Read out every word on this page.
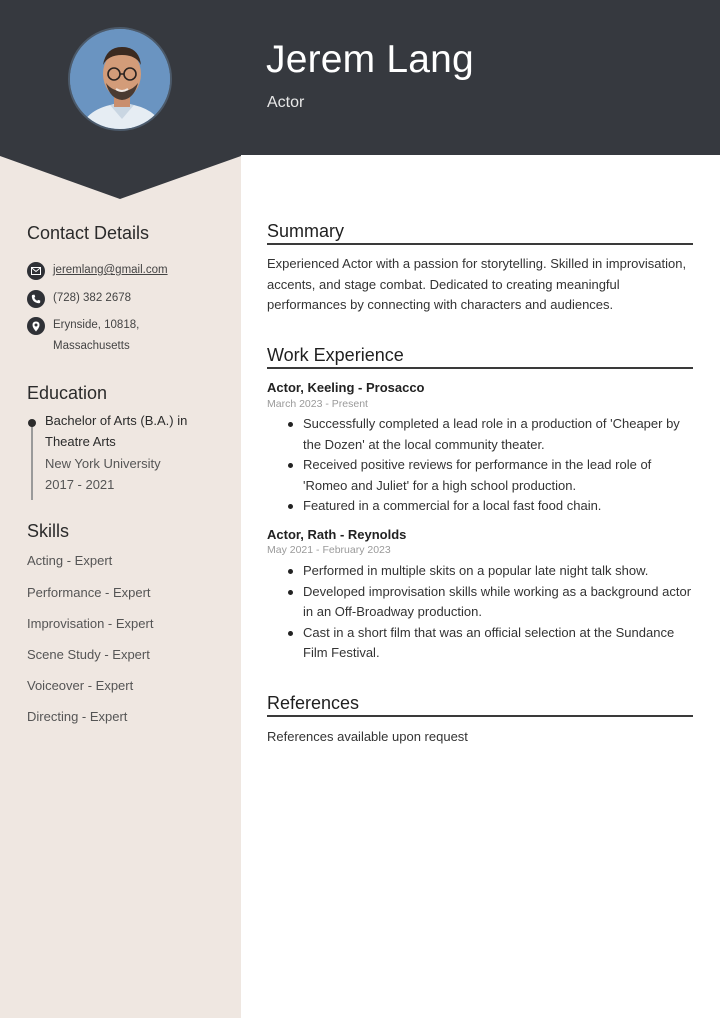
Jerem Lang
Actor
Contact Details
jeremlang@gmail.com
(728) 382 2678
Erynside, 10818,
Massachusetts
Education
Bachelor of Arts (B.A.) in Theatre Arts
New York University
2017 - 2021
Skills
Acting - Expert
Performance - Expert
Improvisation - Expert
Scene Study - Expert
Voiceover - Expert
Directing - Expert
Summary
Experienced Actor with a passion for storytelling. Skilled in improvisation, accents, and stage combat. Dedicated to creating meaningful performances by connecting with characters and audiences.
Work Experience
Actor, Keeling - Prosacco
March 2023 - Present
Successfully completed a lead role in a production of 'Cheaper by the Dozen' at the local community theater.
Received positive reviews for performance in the lead role of 'Romeo and Juliet' for a high school production.
Featured in a commercial for a local fast food chain.
Actor, Rath - Reynolds
May 2021 - February 2023
Performed in multiple skits on a popular late night talk show.
Developed improvisation skills while working as a background actor in an Off-Broadway production.
Cast in a short film that was an official selection at the Sundance Film Festival.
References
References available upon request
